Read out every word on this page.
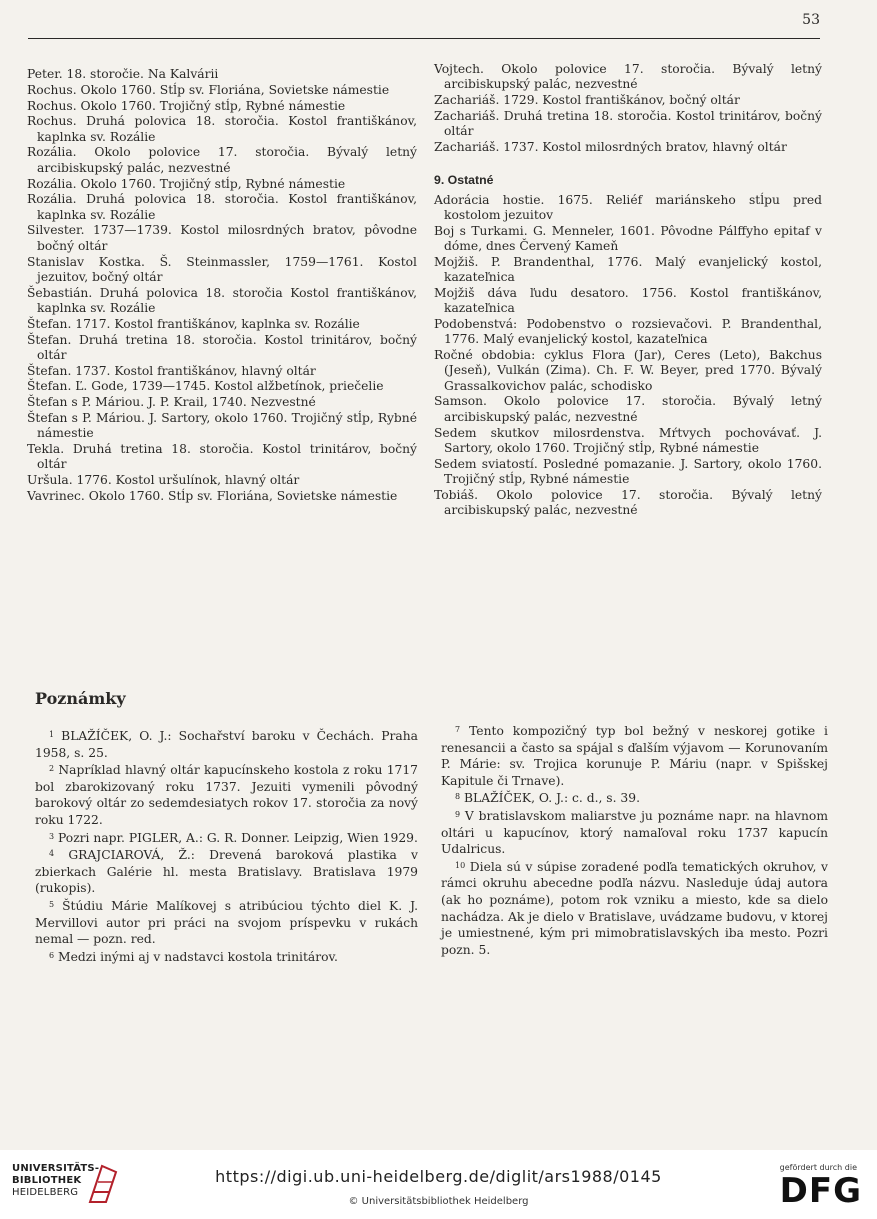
53

Peter. 18. storočie. Na Kalvárii

Rochus. Okolo 1760. Stĺp sv. Floriána, Sovietske námestie

Rochus. Okolo 1760. Trojičný stĺp, Rybné námestie

Rochus. Druhá polovica 18. storočia. Kostol františkánov, kaplnka sv. Rozálie

Rozália. Okolo polovice 17. storočia. Bývalý letný arcibiskupský palác, nezvestné

Rozália. Okolo 1760. Trojičný stĺp, Rybné námestie

Rozália. Druhá polovica 18. storočia. Kostol františkánov, kaplnka sv. Rozálie

Silvester. 1737—1739. Kostol milosrdných bratov, pôvodne bočný oltár

Stanislav Kostka. Š. Steinmassler, 1759—1761. Kostol jezuitov, bočný oltár

Šebastián. Druhá polovica 18. storočia Kostol františkánov, kaplnka sv. Rozálie

Štefan. 1717. Kostol františkánov, kaplnka sv. Rozálie

Štefan. Druhá tretina 18. storočia. Kostol trinitárov, bočný oltár

Štefan. 1737. Kostol františkánov, hlavný oltár

Štefan. Ľ. Gode, 1739—1745. Kostol alžbetínok, priečelie

Štefan s P. Máriou. J. P. Krail, 1740. Nezvestné

Štefan s P. Máriou. J. Sartory, okolo 1760. Trojičný stĺp, Rybné námestie

Tekla. Druhá tretina 18. storočia. Kostol trinitárov, bočný oltár

Uršula. 1776. Kostol uršulínok, hlavný oltár

Vavrinec. Okolo 1760. Stĺp sv. Floriána, Sovietske námestie

Vojtech. Okolo polovice 17. storočia. Bývalý letný arcibiskupský palác, nezvestné

Zachariáš. 1729. Kostol františkánov, bočný oltár

Zachariáš. Druhá tretina 18. storočia. Kostol trinitárov, bočný oltár

Zachariáš. 1737. Kostol milosrdných bratov, hlavný oltár

9. Ostatné

Adorácia hostie. 1675. Reliéf mariánskeho stĺpu pred kostolom jezuitov

Boj s Turkami. G. Menneler, 1601. Pôvodne Pálffyho epitaf v dóme, dnes Červený Kameň

Mojžiš. P. Brandenthal, 1776. Malý evanjelický kostol, kazateľnica

Mojžiš dáva ľudu desatoro. 1756. Kostol františkánov, kazateľnica

Podobenstvá: Podobenstvo o rozsievačovi. P. Brandenthal, 1776. Malý evanjelický kostol, kazateľnica

Ročné obdobia: cyklus Flora (Jar), Ceres (Leto), Bakchus (Jeseň), Vulkán (Zima). Ch. F. W. Beyer, pred 1770. Bývalý Grassalkovichov palác, schodisko

Samson. Okolo polovice 17. storočia. Bývalý letný arcibiskupský palác, nezvestné

Sedem skutkov milosrdenstva. Mŕtvych pochovávať. J. Sartory, okolo 1760. Trojičný stĺp, Rybné námestie

Sedem sviatostí. Posledné pomazanie. J. Sartory, okolo 1760. Trojičný stĺp, Rybné námestie

Tobiáš. Okolo polovice 17. storočia. Bývalý letný arcibiskupský palác, nezvestné

Poznámky

$^1$ BLAŽÍČEK, O. J.: Sochařství baroku v Čechách. Praha 1958, s. 25.

$^2$ Napríklad hlavný oltár kapucínskeho kostola z roku 1717 bol zbarokizovaný roku 1737. Jezuiti vymenili pôvodný barokový oltár zo sedemdesiatych rokov 17. storočia za nový roku 1722.

$^3$ Pozri napr. PIGLER, A.: G. R. Donner. Leipzig, Wien 1929.

$^4$ GRAJCIAROVÁ, Ž.: Drevená baroková plastika v zbierkach Galérie hl. mesta Bratislavy. Bratislava 1979 (rukopis).

$^5$ Štúdiu Márie Malíkovej s atribúciou týchto diel K. J. Mervillovi autor pri práci na svojom príspevku v rukách nemal — pozn. red.

$^6$ Medzi inými aj v nadstavci kostola trinitárov.

$^7$ Tento kompozičný typ bol bežný v neskorej gotike i renesancii a často sa spájal s ďalším výjavom — Korunovaním P. Márie: sv. Trojica korunuje P. Máriu (napr. v Spišskej Kapitule či Trnave).

$^8$ BLAŽÍČEK, O. J.: c. d., s. 39.

$^9$ V bratislavskom maliarstve ju poznáme napr. na hlavnom oltári u kapucínov, ktorý namaľoval roku 1737 kapucín Udalricus.

$^{10}$ Diela sú v súpise zoradené podľa tematických okruhov, v rámci okruhu abecedne podľa názvu. Nasleduje údaj autora (ak ho poznáme), potom rok vzniku a miesto, kde sa dielo nachádza. Ak je dielo v Bratislave, uvádzame budovu, v ktorej je umiestnené, kým pri mimobratislavských iba mesto. Pozri pozn. 5.

UNIVERSITÄTS-
BIBLIOTHEK
HEIDELBERG
https://digi.ub.uni-heidelberg.de/diglit/ars1988/0145
© Universitätsbibliothek Heidelberg
gefördert durch die
DFG
